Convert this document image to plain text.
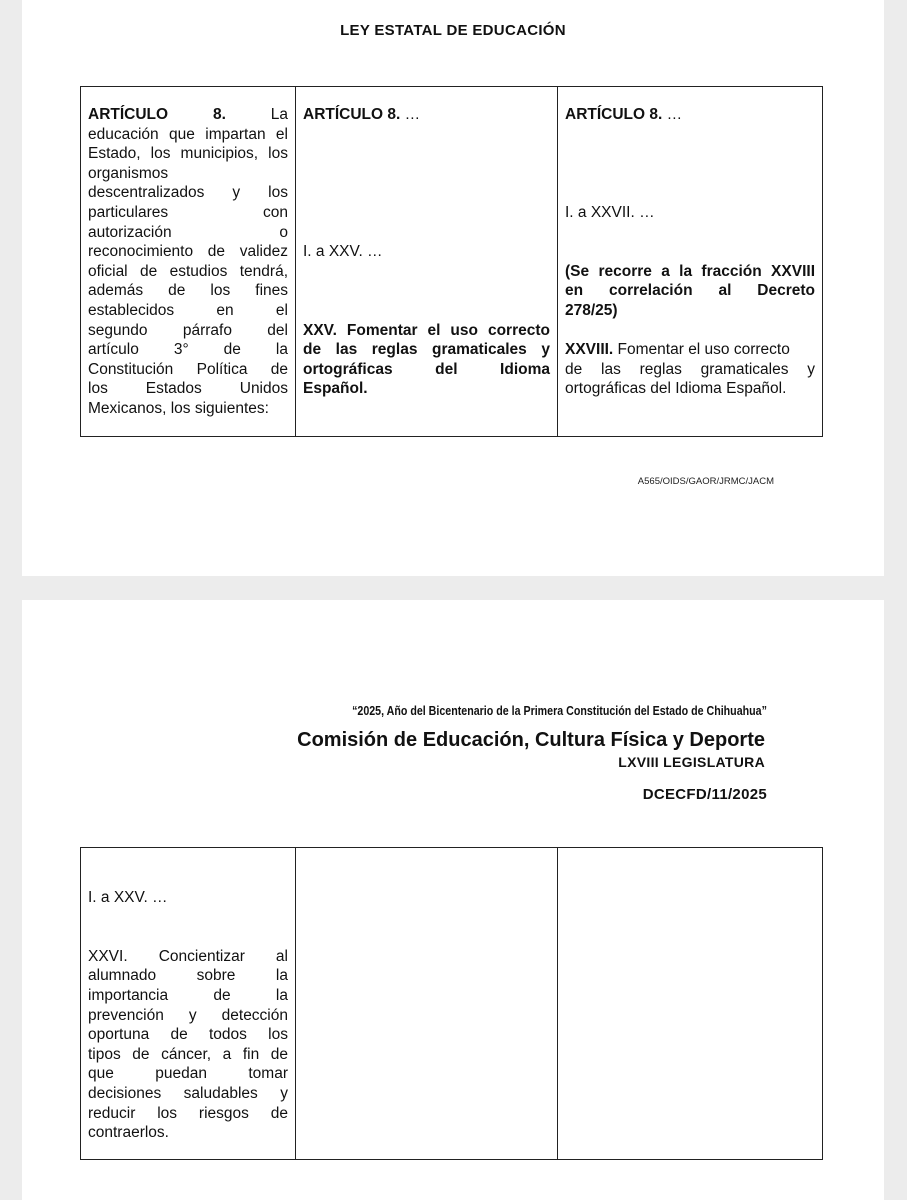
LEY ESTATAL DE EDUCACIÓN
A565/OIDS/GAOR/JRMC/JACM
ARTÍCULO	8.	La
educación que impartan el
Estado, los municipios, los
organismos
descentralizados y los
particulares con
autorización o
reconocimiento de validez
oficial de estudios tendrá,
además de los fines
establecidos en el
segundo párrafo del
artículo 3° de la
Constitución Política de
los Estados Unidos
Mexicanos, los siguientes:

ARTÍCULO 8. …
I. a XXV. …
XXV. Fomentar el uso correcto
de las reglas gramaticales y
ortográficas del Idioma
Español.

ARTÍCULO 8. …
I. a XXVII. …
(Se recorre a la fracción XXVIII
en correlación al Decreto
278/25)
XXVIII. Fomentar el uso correcto
de las reglas gramaticales y
ortográficas del Idioma Español.
“2025, Año del Bicentenario de la Primera Constitución del Estado de Chihuahua”
Comisión de Educación, Cultura Física y Deporte
LXVIII LEGISLATURA
DCECFD/11/2025
I. a XXV. …
XXVI. Concientizar al
alumnado sobre la
importancia de la
prevención y detección
oportuna de todos los
tipos de cáncer, a fin de
que puedan tomar
decisiones saludables y
reducir los riesgos de
contraerlos.
